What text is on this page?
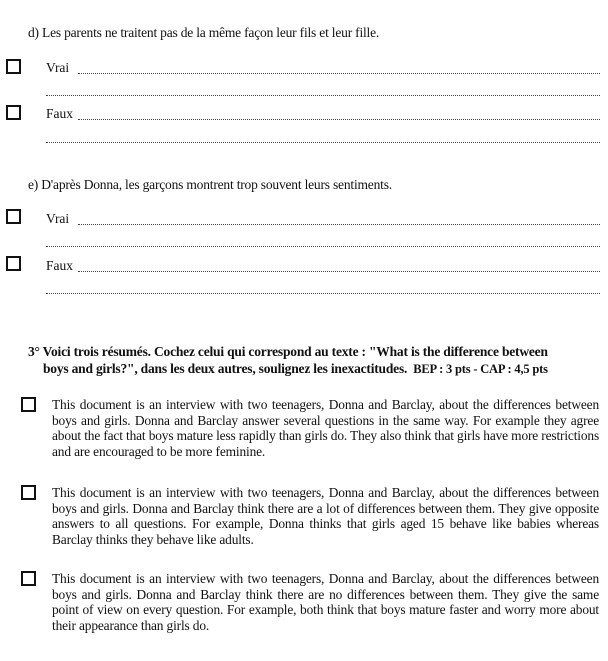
d) Les parents ne traitent pas de la même façon leur fils et leur fille.
Vrai
Faux
e) D'après Donna, les garçons montrent trop souvent leurs sentiments.
Vrai
Faux
3° Voici trois résumés. Cochez celui qui correspond au texte : "What is the difference between
boys and girls?", dans les deux autres, soulignez les inexactitudes. BEP : 3 pts - CAP : 4,5 pts
This document is an interview with two teenagers, Donna and Barclay, about the differences between boys and girls. Donna and Barclay answer several questions in the same way. For example they agree about the fact that boys mature less rapidly than girls do. They also think that girls have more restrictions and are encouraged to be more feminine.
This document is an interview with two teenagers, Donna and Barclay, about the differences between boys and girls. Donna and Barclay think there are a lot of differences between them. They give opposite answers to all questions. For example, Donna thinks that girls aged 15 behave like babies whereas Barclay thinks they behave like adults.
This document is an interview with two teenagers, Donna and Barclay, about the differences between boys and girls. Donna and Barclay think there are no differences between them. They give the same point of view on every question. For example, both think that boys mature faster and worry more about their appearance than girls do.
